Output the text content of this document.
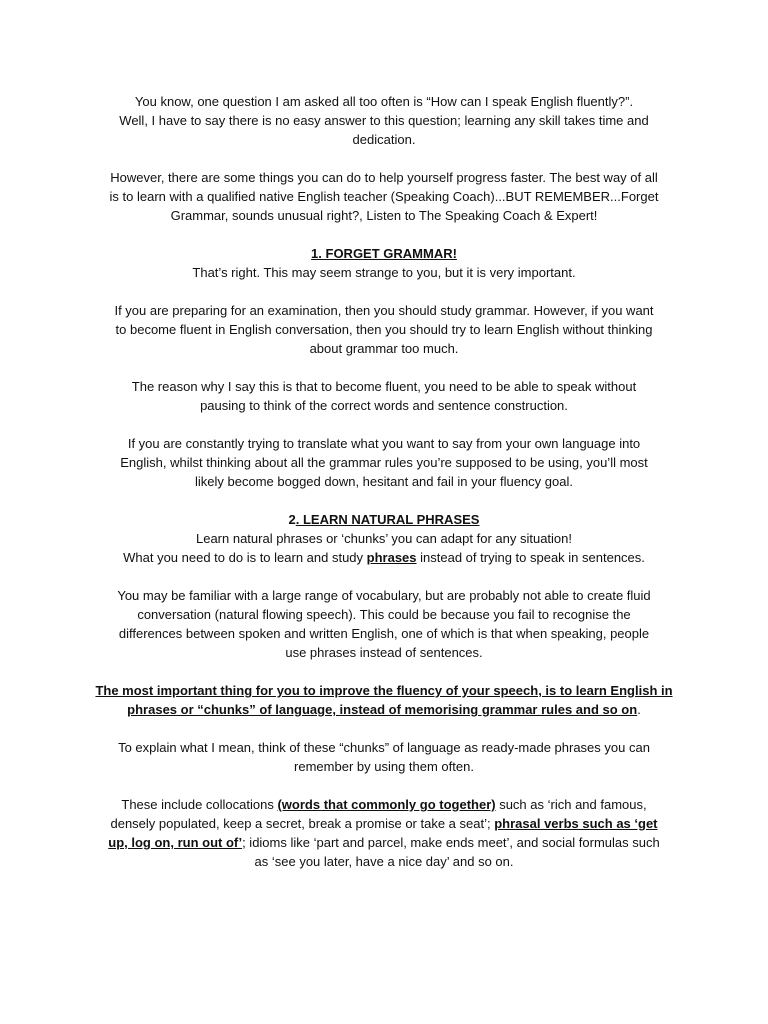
You know, one question I am asked all too often is “How can I speak English fluently?”.
Well, I have to say there is no easy answer to this question; learning any skill takes time and
dedication.
However, there are some things you can do to help yourself progress faster. The best way of all
is to learn with a qualified native English teacher (Speaking Coach)...BUT REMEMBER...Forget
Grammar, sounds unusual right?, Listen to The Speaking Coach & Expert!
1. FORGET GRAMMAR!
That’s right. This may seem strange to you, but it is very important.
If you are preparing for an examination, then you should study grammar. However, if you want
to become fluent in English conversation, then you should try to learn English without thinking
about grammar too much.
The reason why I say this is that to become fluent, you need to be able to speak without
pausing to think of the correct words and sentence construction.
If you are constantly trying to translate what you want to say from your own language into
English, whilst thinking about all the grammar rules you’re supposed to be using, you’ll most
likely become bogged down, hesitant and fail in your fluency goal.
2. LEARN NATURAL PHRASES
Learn natural phrases or ‘chunks’ you can adapt for any situation!
What you need to do is to learn and study phrases instead of trying to speak in sentences.
You may be familiar with a large range of vocabulary, but are probably not able to create fluid
conversation (natural flowing speech). This could be because you fail to recognise the
differences between spoken and written English, one of which is that when speaking, people
use phrases instead of sentences.
The most important thing for you to improve the fluency of your speech, is to learn English in
phrases or “chunks” of language, instead of memorising grammar rules and so on.
To explain what I mean, think of these “chunks” of language as ready-made phrases you can
remember by using them often.
These include collocations (words that commonly go together) such as ‘rich and famous,
densely populated, keep a secret, break a promise or take a seat’; phrasal verbs such as ‘get
up, log on, run out of’; idioms like ‘part and parcel, make ends meet’, and social formulas such
as ‘see you later, have a nice day’ and so on.
